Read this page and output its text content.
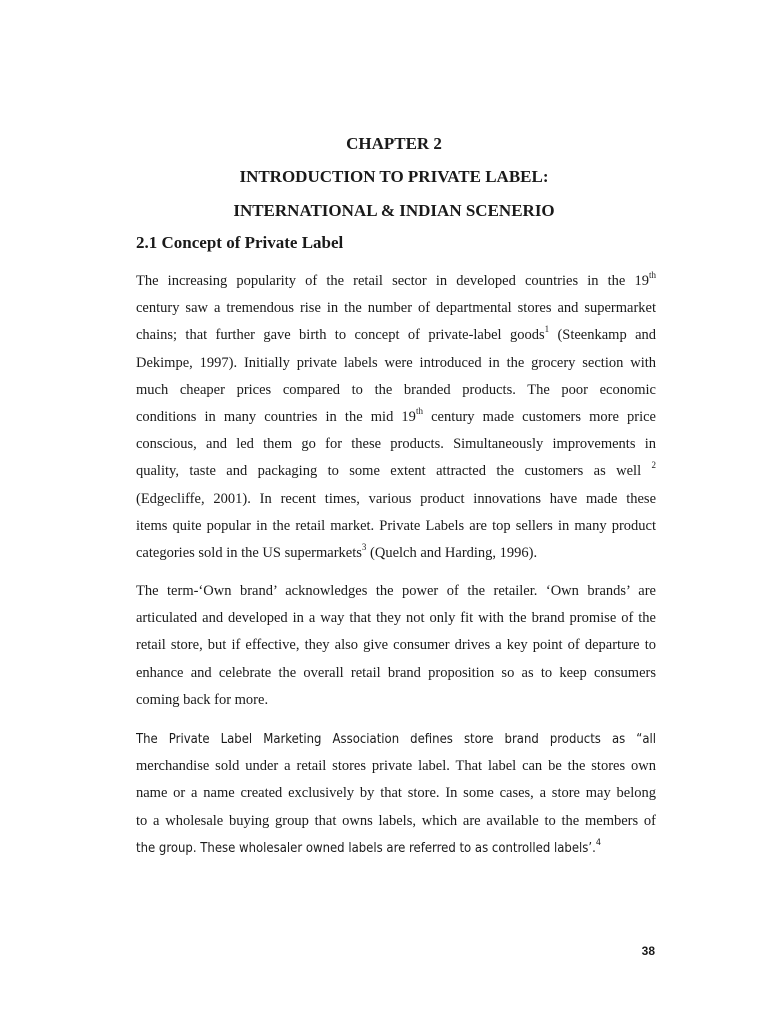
CHAPTER 2
INTRODUCTION TO PRIVATE LABEL:
INTERNATIONAL & INDIAN SCENERIO
2.1 Concept of Private Label

The increasing popularity of the retail sector in developed countries in the 19th
century saw a tremendous rise in the number of departmental stores and supermarket
chains; that further gave birth to concept of private-label goods$^1$ (Steenkamp and
Dekimpe, 1997). Initially private labels were introduced in the grocery section with
much cheaper prices compared to the branded products. The poor economic
conditions in many countries in the mid 19th century made customers more price
conscious, and led them go for these products. Simultaneously improvements in
quality, taste and packaging to some extent attracted the customers as well $^2$
(Edgecliffe, 2001). In recent times, various product innovations have made these
items quite popular in the retail market. Private Labels are top sellers in many product
categories sold in the US supermarkets$^3$ (Quelch and Harding, 1996).

The term-‘Own brand’ acknowledges the power of the retailer. ‘Own brands’ are
articulated and developed in a way that they not only fit with the brand promise of the
retail store, but if effective, they also give consumer drives a key point of departure to
enhance and celebrate the overall retail brand proposition so as to keep consumers
coming back for more.

The Private Label Marketing Association defines store brand products as “all
merchandise sold under a retail stores private label. That label can be the stores own
name or a name created exclusively by that store. In some cases, a store may belong
to a wholesale buying group that owns labels, which are available to the members of
the group. These wholesaler owned labels are referred to as controlled labels’.$^4$

38
